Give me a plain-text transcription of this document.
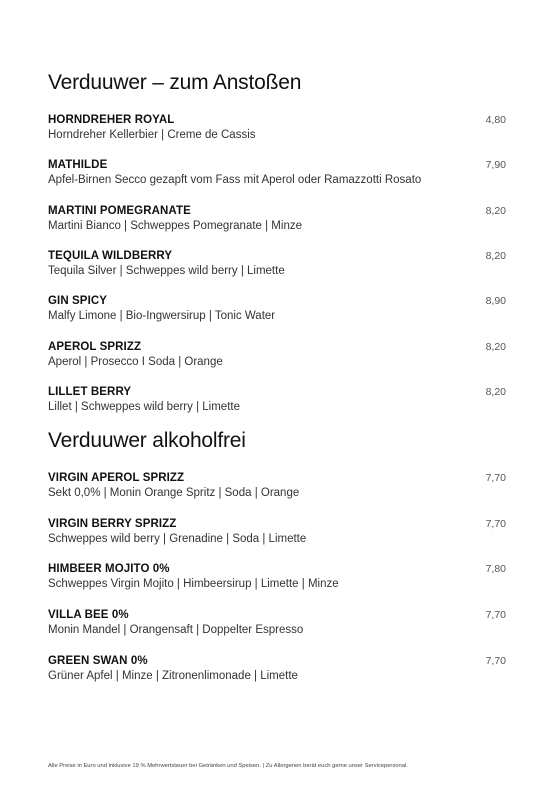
Verduuwer – zum Anstoßen
HORNDREHER ROYAL
Horndreher Kellerbier | Creme de Cassis
4,80
MATHILDE
Apfel-Birnen Secco gezapft vom Fass mit Aperol oder Ramazzotti Rosato
7,90
MARTINI POMEGRANATE
Martini Bianco | Schweppes Pomegranate | Minze
8,20
TEQUILA WILDBERRY
Tequila Silver | Schweppes wild berry | Limette
8,20
GIN SPICY
Malfy Limone | Bio-Ingwersirup | Tonic Water
8,90
APEROL SPRIZZ
Aperol | Prosecco I Soda | Orange
8,20
LILLET BERRY
Lillet | Schweppes wild berry | Limette
8,20
Verduuwer alkoholfrei
VIRGIN APEROL SPRIZZ
Sekt 0,0% | Monin Orange Spritz | Soda | Orange
7,70
VIRGIN BERRY SPRIZZ
Schweppes wild berry | Grenadine | Soda | Limette
7,70
HIMBEER MOJITO 0%
Schweppes Virgin Mojito | Himbeersirup | Limette | Minze
7,80
VILLA BEE 0%
Monin Mandel | Orangensaft | Doppelter Espresso
7,70
GREEN SWAN 0%
Grüner Apfel | Minze | Zitronenlimonade | Limette
7,70
Alle Preise in Euro und inklusive 19 % Mehrwertsteuer bei Getränken und Speisen. | Zu Allergenen berät euch gerne unser Servicepersonal.
